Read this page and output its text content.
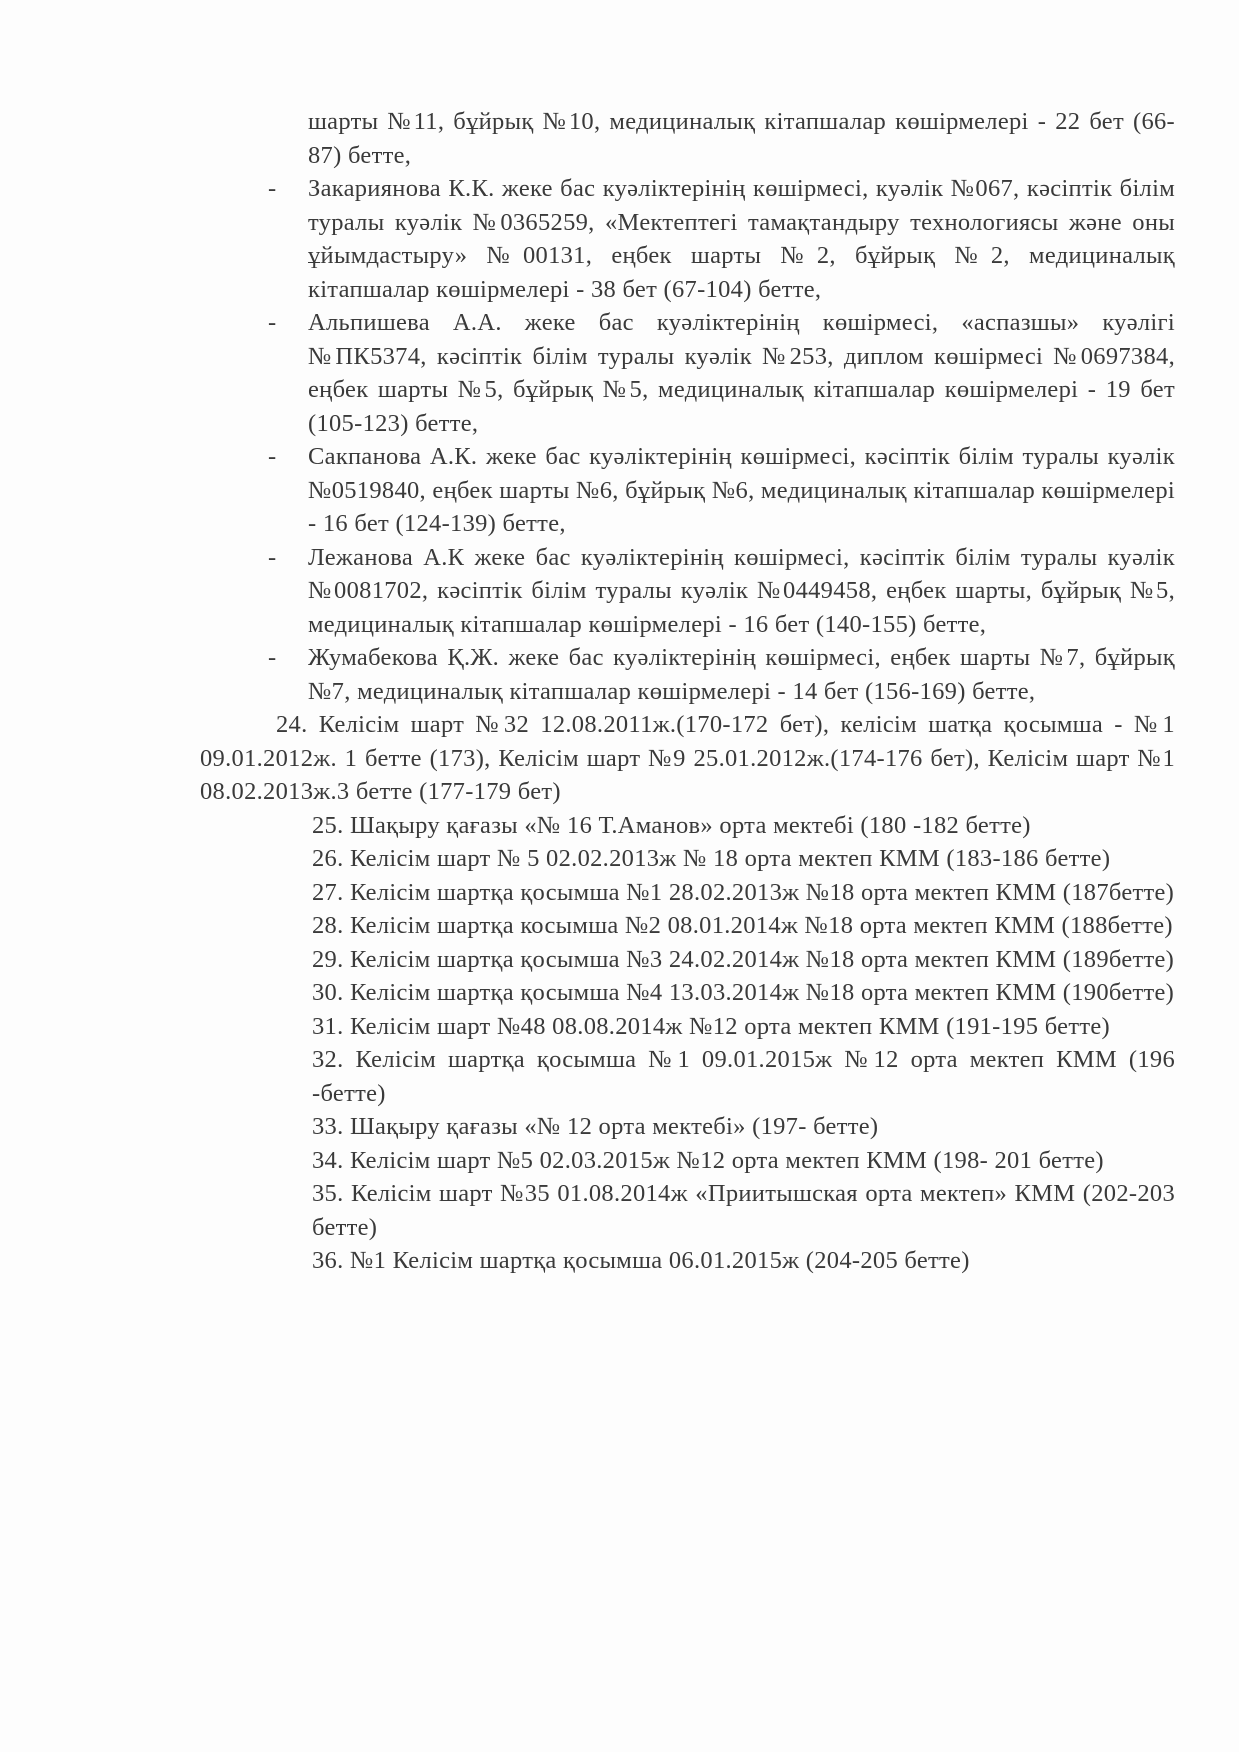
шарты №11, бұйрық №10, медициналық кітапшалар көшірмелері - 22 бет (66-87) бетте,
- Закариянова К.К. жеке бас куәліктерінің көшірмесі, куәлік №067, кәсіптік білім туралы куәлік №0365259, «Мектептегі тамақтандыру технологиясы және оны ұйымдастыру» №00131, еңбек шарты №2, бұйрық №2, медициналық кітапшалар көшірмелері - 38 бет (67-104) бетте,
- Альпишева А.А. жеке бас куәліктерінің көшірмесі, «аспазшы» куәлігі №ПК5374, кәсіптік білім туралы куәлік №253, диплом көшірмесі №0697384, еңбек шарты №5, бұйрық №5, медициналық кітапшалар көшірмелері - 19 бет (105-123) бетте,
- Сакпанова А.К. жеке бас куәліктерінің көшірмесі, кәсіптік білім туралы куәлік №0519840, еңбек шарты №6, бұйрық №6, медициналық кітапшалар көшірмелері - 16 бет (124-139) бетте,
- Лежанова А.К жеке бас куәліктерінің көшірмесі, кәсіптік білім туралы куәлік №0081702, кәсіптік білім туралы куәлік №0449458, еңбек шарты, бұйрық №5, медициналық кітапшалар көшірмелері - 16 бет (140-155) бетте,
- Жумабекова Қ.Ж. жеке бас куәліктерінің көшірмесі, еңбек шарты №7, бұйрық №7, медициналық кітапшалар көшірмелері - 14 бет (156-169) бетте,

24. Келісім шарт №32 12.08.2011ж.(170-172 бет), келісім шатқа қосымша - №1 09.01.2012ж. 1 бетте (173), Келісім шарт №9 25.01.2012ж.(174-176 бет), Келісім шарт №1 08.02.2013ж.3 бетте (177-179 бет)

25. Шақыру қағазы «№ 16 Т.Аманов» орта мектебі (180 -182 бетте)
26. Келісім шарт № 5 02.02.2013ж № 18 орта мектеп КММ (183-186 бетте)
27. Келісім шартқа қосымша №1 28.02.2013ж №18 орта мектеп КММ (187бетте)
28. Келісім шартқа косымша №2 08.01.2014ж №18 орта мектеп КММ (188бетте)
29. Келісім шартқа қосымша №3 24.02.2014ж №18 орта мектеп КММ (189бетте)
30. Келісім шартқа қосымша №4 13.03.2014ж №18 орта мектеп КММ (190бетте)
31. Келісім шарт №48 08.08.2014ж №12 орта мектеп КММ (191-195 бетте)
32. Келісім шартқа қосымша №1 09.01.2015ж №12 орта мектеп КММ (196 -бетте)
33. Шақыру қағазы «№ 12 орта мектебі» (197- бетте)
34. Келісім шарт №5 02.03.2015ж №12 орта мектеп КММ (198- 201 бетте)
35. Келісім шарт №35 01.08.2014ж «Приитышская орта мектеп» КММ (202-203 бетте)
36. №1 Келісім шартқа қосымша 06.01.2015ж (204-205 бетте)
